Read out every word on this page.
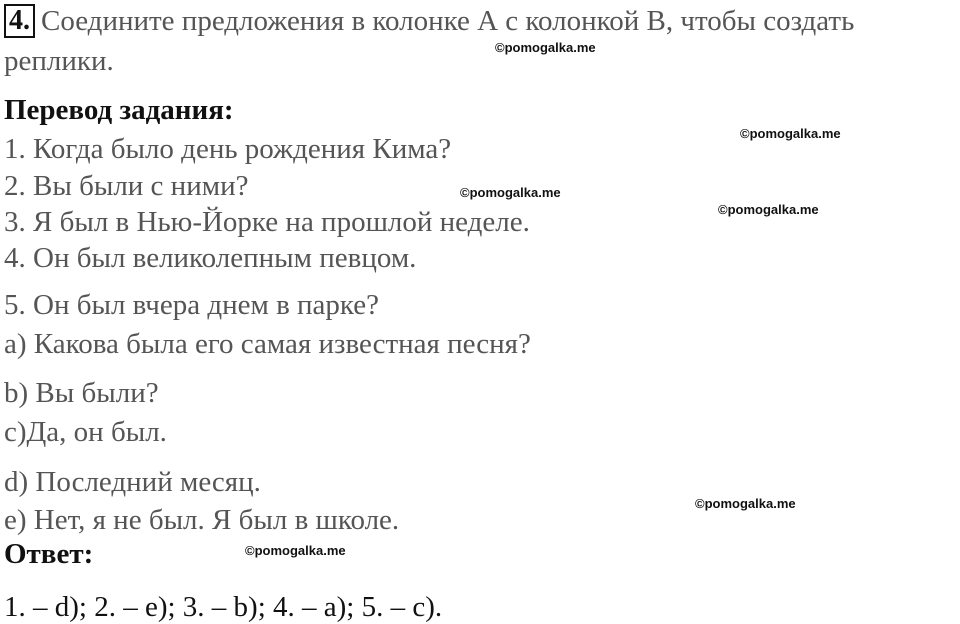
4. Соедините предложения в колонке А с колонкой В, чтобы создать
реплики.
Перевод задания:
1. Когда было день рождения Кима?
2. Вы были с ними?
3. Я был в Нью-Йорке на прошлой неделе.
4. Он был великолепным певцом.
5. Он был вчера днем в парке?
a) Какова была его самая известная песня?
b) Вы были?
c)Да, он был.
d) Последний месяц.
e) Нет, я не был. Я был в школе.
Ответ:
1. – d); 2. – e); 3. – b); 4. – a); 5. – c).
©pomogalka.me
©pomogalka.me
©pomogalka.me
©pomogalka.me
©pomogalka.me
©pomogalka.me
